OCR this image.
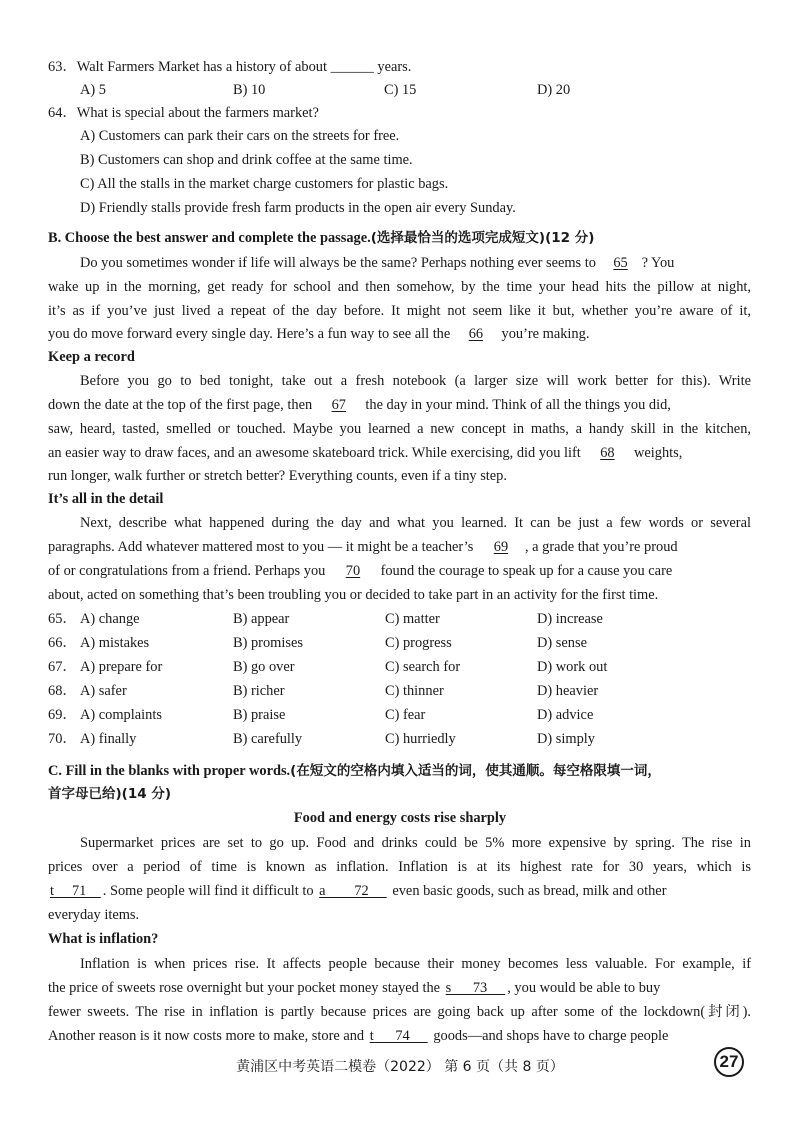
63．Walt Farmers Market has a history of about ______ years.
A) 5	B) 10	C) 15	D) 20
64．What is special about the farmers market?
A) Customers can park their cars on the streets for free.
B) Customers can shop and drink coffee at the same time.
C) All the stalls in the market charge customers for plastic bags.
D) Friendly stalls provide fresh farm products in the open air every Sunday.
B. Choose the best answer and complete the passage.(选择最恰当的选项完成短文)(12 分)
Do you sometimes wonder if life will always be the same? Perhaps nothing ever seems to 65 ? You
wake up in the morning, get ready for school and then somehow, by the time your head hits the pillow at night,
it’s as if you’ve just lived a repeat of the day before. It might not seem like it but, whether you’re aware of it,
you do move forward every single day. Here’s a fun way to see all the 66 you’re making.
Keep a record
Before you go to bed tonight, take out a fresh notebook (a larger size will work better for this). Write
down the date at the top of the first page, then 67 the day in your mind. Think of all the things you did,
saw, heard, tasted, smelled or touched. Maybe you learned a new concept in maths, a handy skill in the kitchen,
an easier way to draw faces, and an awesome skateboard trick. While exercising, did you lift 68 weights,
run longer, walk further or stretch better? Everything counts, even if a tiny step.
It’s all in the detail
Next, describe what happened during the day and what you learned. It can be just a few words or several
paragraphs. Add whatever mattered most to you — it might be a teacher’s 69 , a grade that you’re proud
of or congratulations from a friend. Perhaps you 70 found the courage to speak up for a cause you care
about, acted on something that’s been troubling you or decided to take part in an activity for the first time.
65． A) change	B) appear	C) matter	D) increase
66． A) mistakes	B) promises	C) progress	D) sense
67． A) prepare for	B) go over	C) search for	D) work out
68． A) safer	B) richer	C) thinner	D) heavier
69． A) complaints	B) praise	C) fear	D) advice
70． A) finally	B) carefully	C) hurriedly	D) simply
C. Fill in the blanks with proper words.(在短文的空格内填入适当的词，使其通顺。每空格限填一词，
首字母已给)(14 分)
Food and energy costs rise sharply
Supermarket prices are set to go up. Food and drinks could be 5% more expensive by spring. The rise in
prices over a period of time is known as inflation. Inflation is at its highest rate for 30 years, which is
t     71    . Some people will find it difficult to a        72      even basic goods, such as bread, milk and other
everyday items.
What is inflation?
Inflation is when prices rise. It affects people because their money becomes less valuable. For example, if
the price of sweets rose overnight but your pocket money stayed the s      73     , you would be able to buy
fewer sweets. The rise in inflation is partly because prices are going back up after some of the lockdown(封闭).
Another reason is it now costs more to make, store and t      74      goods—and shops have to charge people
黄浦区中考英语二模卷（2022） 第 6 页（共 8 页）	27
